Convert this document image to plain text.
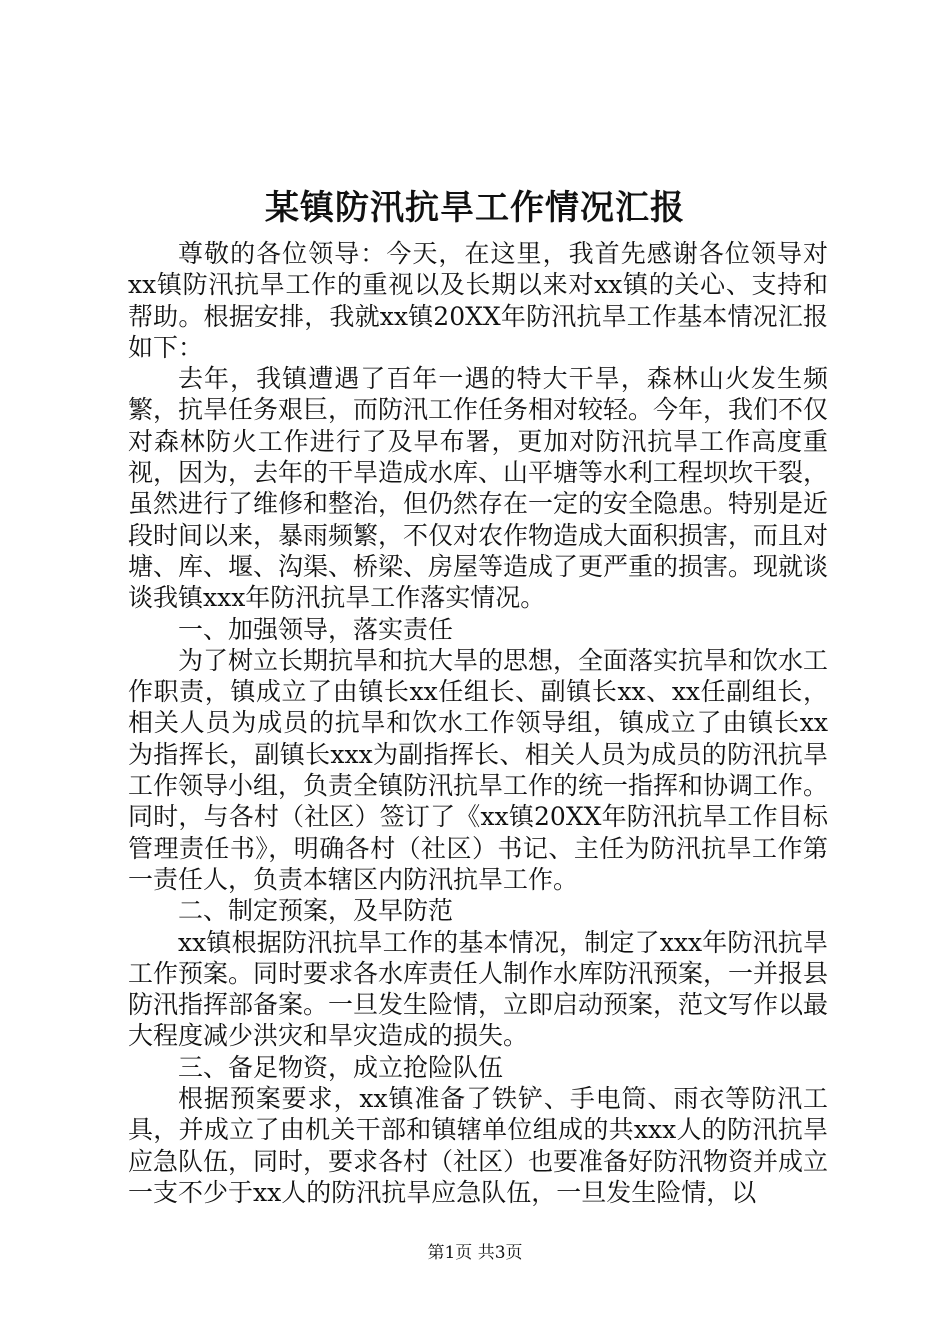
某镇防汛抗旱工作情况汇报

尊敬的各位领导：今天，在这里，我首先感谢各位领导对xx镇防汛抗旱工作的重视以及长期以来对xx镇的关心、支持和帮助。根据安排，我就xx镇20XX年防汛抗旱工作基本情况汇报如下：

去年，我镇遭遇了百年一遇的特大干旱，森林山火发生频繁，抗旱任务艰巨，而防汛工作任务相对较轻。今年，我们不仅对森林防火工作进行了及早布署，更加对防汛抗旱工作高度重视，因为，去年的干旱造成水库、山平塘等水利工程坝坎干裂，虽然进行了维修和整治，但仍然存在一定的安全隐患。特别是近段时间以来，暴雨频繁，不仅对农作物造成大面积损害，而且对塘、库、堰、沟渠、桥梁、房屋等造成了更严重的损害。现就谈谈我镇xxx年防汛抗旱工作落实情况。

一、加强领导，落实责任

为了树立长期抗旱和抗大旱的思想，全面落实抗旱和饮水工作职责，镇成立了由镇长xx任组长、副镇长xx、xx任副组长，相关人员为成员的抗旱和饮水工作领导组，镇成立了由镇长xx为指挥长，副镇长xxx为副指挥长、相关人员为成员的防汛抗旱工作领导小组，负责全镇防汛抗旱工作的统一指挥和协调工作。同时，与各村（社区）签订了《xx镇20XX年防汛抗旱工作目标管理责任书》，明确各村（社区）书记、主任为防汛抗旱工作第一责任人，负责本辖区内防汛抗旱工作。

二、制定预案，及早防范

xx镇根据防汛抗旱工作的基本情况，制定了xxx年防汛抗旱工作预案。同时要求各水库责任人制作水库防汛预案，一并报县防汛指挥部备案。一旦发生险情，立即启动预案，范文写作以最大程度减少洪灾和旱灾造成的损失。

三、备足物资，成立抢险队伍

根据预案要求，xx镇准备了铁铲、手电筒、雨衣等防汛工具，并成立了由机关干部和镇辖单位组成的共xxx人的防汛抗旱应急队伍，同时，要求各村（社区）也要准备好防汛物资并成立一支不少于xx人的防汛抗旱应急队伍，一旦发生险情，以

第1页 共3页
